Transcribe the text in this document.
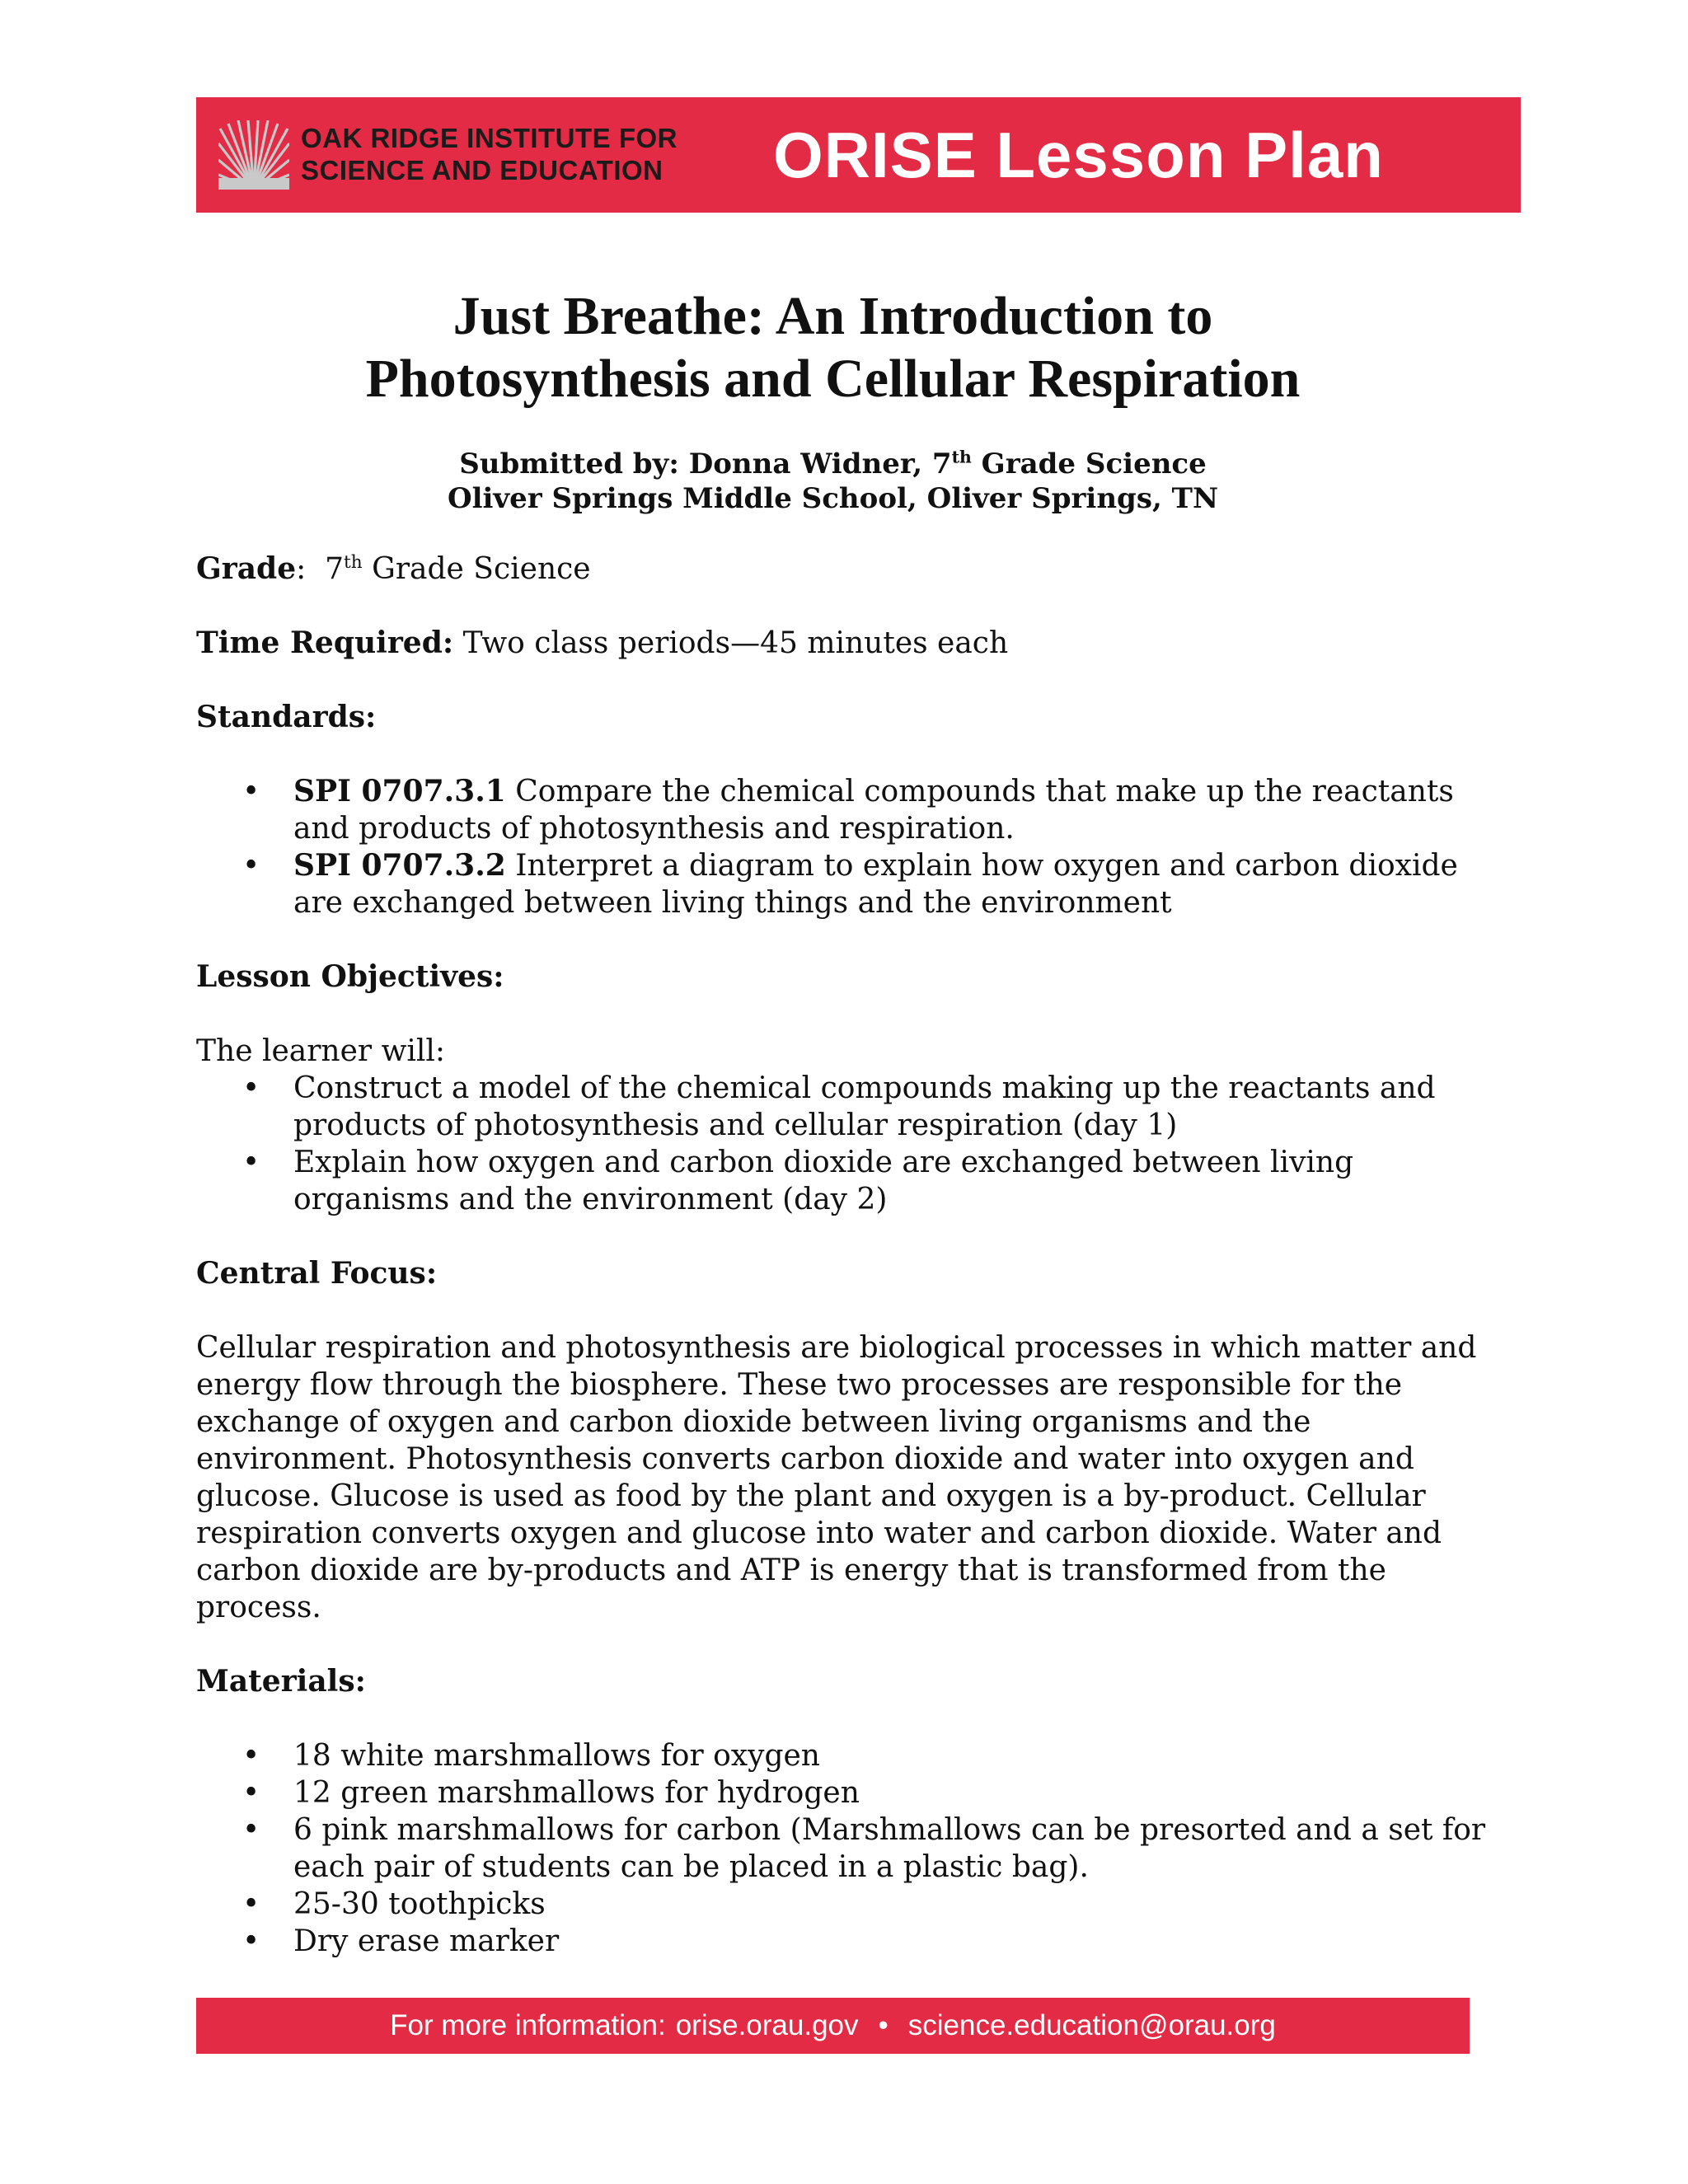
OAK RIDGE INSTITUTE FOR
SCIENCE AND EDUCATION ORISE Lesson Plan
Just Breathe: An Introduction to
Photosynthesis and Cellular Respiration
Submitted by: Donna Widner, 7th Grade Science
Oliver Springs Middle School, Oliver Springs, TN

Grade:  7th Grade Science

Time Required: Two class periods—45 minutes each

Standards:

• SPI 0707.3.1 Compare the chemical compounds that make up the reactants and products of photosynthesis and respiration.
• SPI 0707.3.2 Interpret a diagram to explain how oxygen and carbon dioxide are exchanged between living things and the environment

Lesson Objectives:

The learner will:

• Construct a model of the chemical compounds making up the reactants and products of photosynthesis and cellular respiration (day 1)
• Explain how oxygen and carbon dioxide are exchanged between living organisms and the environment (day 2)

Central Focus:

Cellular respiration and photosynthesis are biological processes in which matter and energy flow through the biosphere. These two processes are responsible for the exchange of oxygen and carbon dioxide between living organisms and the environment. Photosynthesis converts carbon dioxide and water into oxygen and glucose. Glucose is used as food by the plant and oxygen is a by-product. Cellular respiration converts oxygen and glucose into water and carbon dioxide. Water and carbon dioxide are by-products and ATP is energy that is transformed from the process.

Materials:

• 18 white marshmallows for oxygen
• 12 green marshmallows for hydrogen
• 6 pink marshmallows for carbon (Marshmallows can be presorted and a set for each pair of students can be placed in a plastic bag).
• 25-30 toothpicks
• Dry erase marker
For more information: orise.orau.gov • science.education@orau.org
